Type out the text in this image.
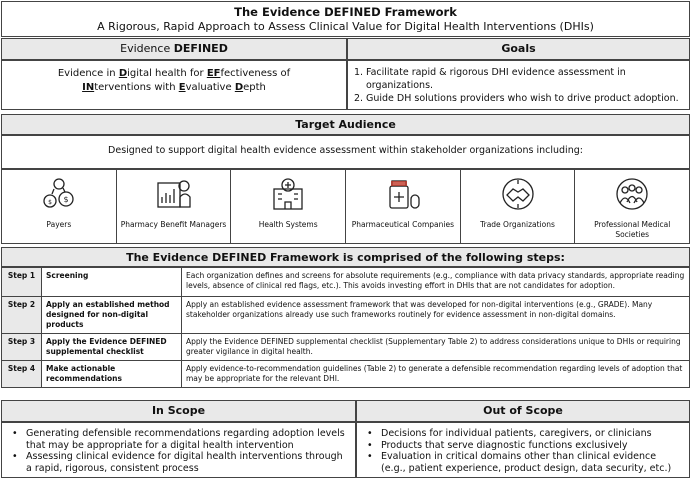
The Evidence DEFINED Framework
A Rigorous, Rapid Approach to Assess Clinical Value for Digital Health Interventions (DHIs)
Evidence DEFINED	Goals
Evidence in Digital health for EFfectiveness of
INterventions with Evaluative Depth
1. Facilitate rapid & rigorous DHI evidence assessment in organizations.
2. Guide DH solutions providers who wish to drive product adoption.
Target Audience
Designed to support digital health evidence assessment within stakeholder organizations including:
$
$
Payers	Pharmacy Benefit Managers	Health Systems	Pharmaceutical Companies	Trade Organizations	Professional Medical Societies
The Evidence DEFINED Framework is comprised of the following steps:
Step 1	Screening	Each organization defines and screens for absolute requirements (e.g., compliance with data privacy standards, appropriate reading levels, absence of clinical red flags, etc.). This avoids investing effort in DHIs that are not candidates for adoption.
Step 2	Apply an established method designed for non-digital products	Apply an established evidence assessment framework that was developed for non-digital interventions (e.g., GRADE). Many stakeholder organizations already use such frameworks routinely for evidence assessment in non-digital domains.
Step 3	Apply the Evidence DEFINED supplemental checklist	Apply the Evidence DEFINED supplemental checklist (Supplementary Table 2) to address considerations unique to DHIs or requiring greater vigilance in digital health.
Step 4	Make actionable recommendations	Apply evidence-to-recommendation guidelines (Table 2) to generate a defensible recommendation regarding levels of adoption that may be appropriate for the relevant DHI.
In Scope	Out of Scope
• Generating defensible recommendations regarding adoption levels that may be appropriate for a digital health intervention
• Assessing clinical evidence for digital health interventions through a rapid, rigorous, consistent process
• Decisions for individual patients, caregivers, or clinicians
• Products that serve diagnostic functions exclusively
• Evaluation in critical domains other than clinical evidence (e.g., patient experience, product design, data security, etc.)
